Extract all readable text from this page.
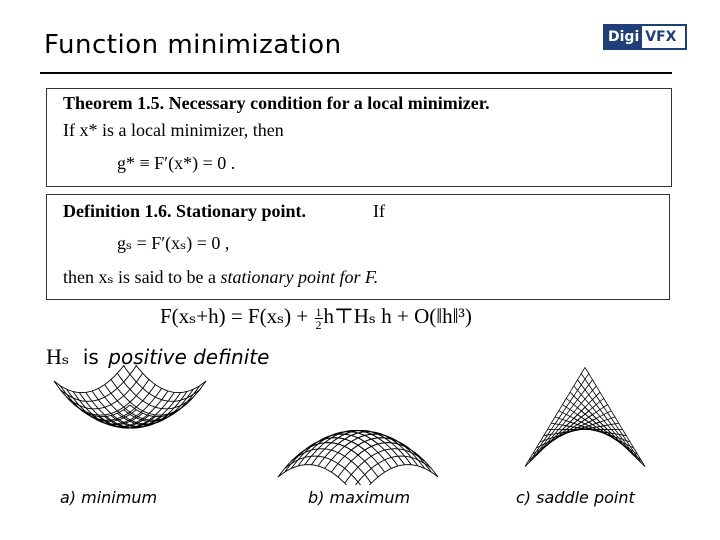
Function minimization	Digi VFX
Theorem 1.5. Necessary condition for a local minimizer.
If x* is a local minimizer, then
g* ≡ F′(x*) = 0 .
Definition 1.6. Stationary point.	If
gₛ = F′(xₛ) = 0 ,
then xₛ is said to be a stationary point for F.
$F(x_s+h) = F(x_s) + \frac{1}{2}$ h⊤Hₛ h + O(‖h‖³)
Hₛ is positive definite
a) minimum	b) maximum	c) saddle point
